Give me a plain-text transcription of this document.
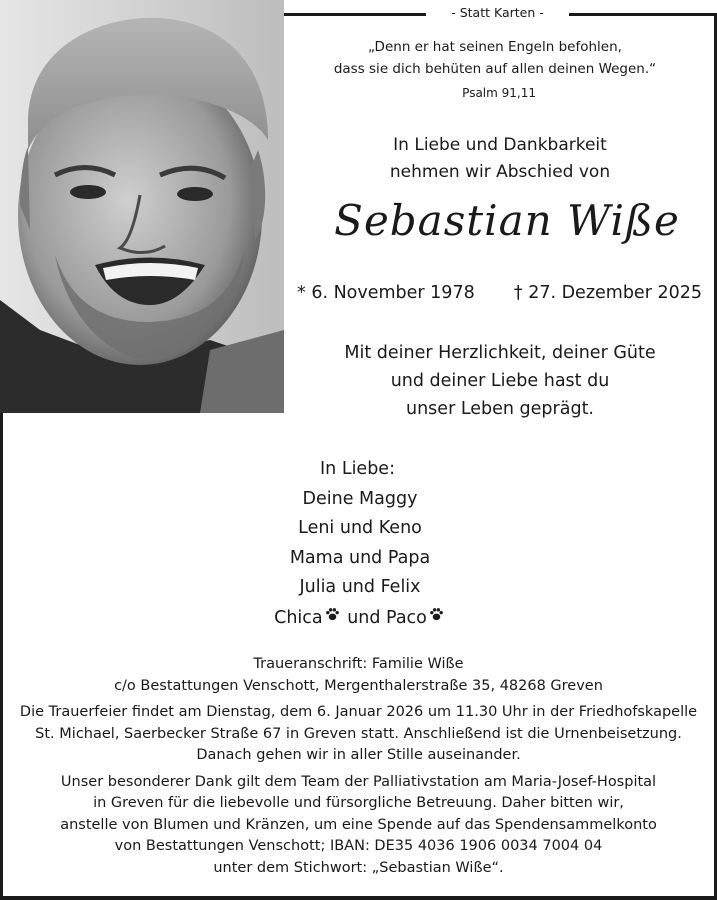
- Statt Karten -
„Denn er hat seinen Engeln befohlen,
dass sie dich behüten auf allen deinen Wegen.“
Psalm 91,11
In Liebe und Dankbarkeit
nehmen wir Abschied von
Sebastian Wiße
* 6. November 1978 † 27. Dezember 2025
Mit deiner Herzlichkeit, deiner Güte
und deiner Liebe hast du
unser Leben geprägt.
In Liebe:
Deine Maggy
Leni und Keno
Mama und Papa
Julia und Felix
Chica und Paco

Traueranschrift: Familie Wiße

c/o Bestattungen Venschott, Mergenthalerstraße 35, 48268 Greven

Die Trauerfeier findet am Dienstag, dem 6. Januar 2026 um 11.30 Uhr in der Friedhofskapelle

St. Michael, Saerbecker Straße 67 in Greven statt. Anschließend ist die Urnenbeisetzung.

Danach gehen wir in aller Stille auseinander.

Unser besonderer Dank gilt dem Team der Palliativstation am Maria-Josef-Hospital

in Greven für die liebevolle und fürsorgliche Betreuung. Daher bitten wir,

anstelle von Blumen und Kränzen, um eine Spende auf das Spendensammelkonto

von Bestattungen Venschott; IBAN: DE35 4036 1906 0034 7004 04

unter dem Stichwort: „Sebastian Wiße“.
